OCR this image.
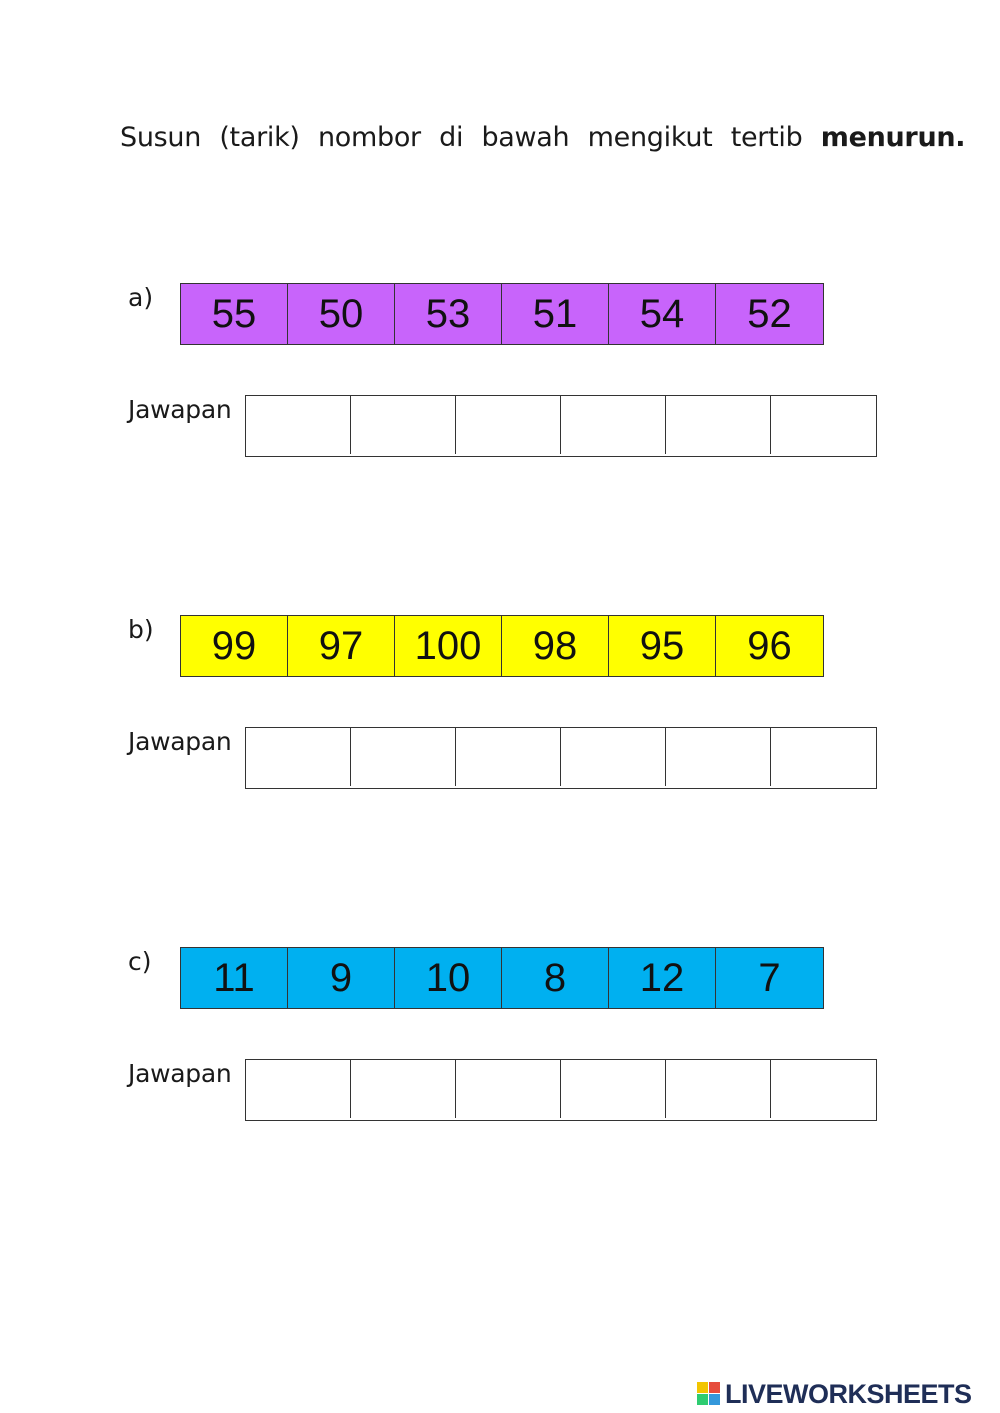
Susun (tarik) nombor di bawah mengikut tertib menurun.
a)	55	50	53	51	54	52
Jawapan
b)	99	97	100	98	95	96
Jawapan
c)	11	9	10	8	12	7
Jawapan
LIVEWORKSHEETS
